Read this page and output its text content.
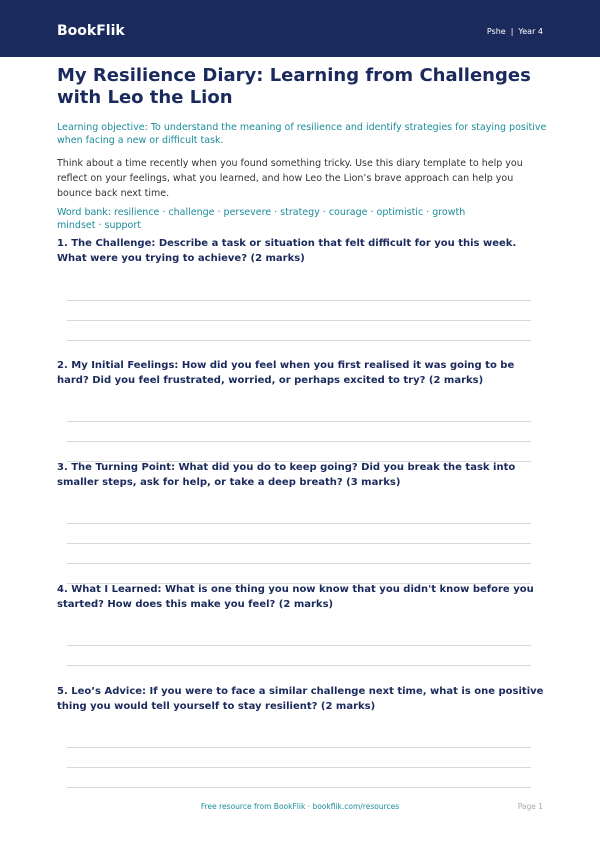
BookFlik	Pshe | Year 4
My Resilience Diary: Learning from Challenges with Leo the Lion

Learning objective: To understand the meaning of resilience and identify strategies for staying positive when facing a new or difficult task.

Think about a time recently when you found something tricky. Use this diary template to help you reflect on your feelings, what you learned, and how Leo the Lion’s brave approach can help you bounce back next time.

Word bank: resilience · challenge · persevere · strategy · courage · optimistic · growth mindset · support

1. The Challenge: Describe a task or situation that felt difficult for you this week. What were you trying to achieve? (2 marks)

2. My Initial Feelings: How did you feel when you first realised it was going to be hard? Did you feel frustrated, worried, or perhaps excited to try? (2 marks)

3. The Turning Point: What did you do to keep going? Did you break the task into smaller steps, ask for help, or take a deep breath? (3 marks)

4. What I Learned: What is one thing you now know that you didn't know before you started? How does this make you feel? (2 marks)

5. Leo’s Advice: If you were to face a similar challenge next time, what is one positive thing you would tell yourself to stay resilient? (2 marks)

Free resource from BookFlik · bookflik.com/resources	Page 1
